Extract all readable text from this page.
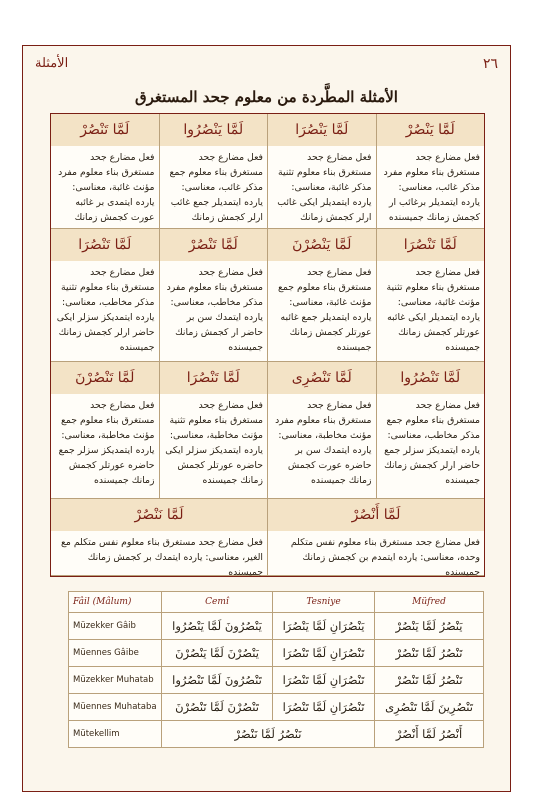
٢٦
الأمثلة
الأمثلة المطَّردة من معلوم جحد المستغرق
لَمَّا يَنْصُرْ
فعل مضارع جحد مستغرق بناء معلوم مفرد مذكر غائب، معناسى: يارده ايتمديلر برغائب ار كجمش زمانك جميسنده
لَمَّا يَنْصُرَا
فعل مضارع جحد مستغرق بناء معلوم تثنية مذكر غائبة، معناسى: يارده ايتمديلر ايكى غائب ارلر كجمش زمانك
لَمَّا يَنْصُرُوا
فعل مضارع جحد مستغرق بناء معلوم جمع مذكر غائب، معناسى: يارده ايتمديلر جمع غائب ارلر كجمش زمانك
لَمَّا تَنْصُرْ
فعل مضارع جحد مستغرق بناء معلوم مفرد مؤنث غائبة، معناسى: يارده ايتمدى بر غائبه عورت كجمش زمانك
لَمَّا تَنْصُرَا
فعل مضارع جحد مستغرق بناء معلوم تثنية مؤنث غائبة، معناسى: يارده ايتمديلر ايكى غائبه عورتلر كجمش زمانك جميسنده
لَمَّا يَنْصُرْنَ
فعل مضارع جحد مستغرق بناء معلوم جمع مؤنث غائبة، معناسى: يارده ايتمديلر جمع غائبه عورتلر كجمش زمانك جميسنده
لَمَّا تَنْصُرْ
فعل مضارع جحد مستغرق بناء معلوم مفرد مذكر مخاطب، معناسى: يارده ايتمدك سن بر حاضر ار كجمش زمانك جميسنده
لَمَّا تَنْصُرَا
فعل مضارع جحد مستغرق بناء معلوم تثنية مذكر مخاطب، معناسى: يارده ايتمديكز سزلر ايكى حاضر ارلر كجمش زمانك جميسنده
لَمَّا تَنْصُرُوا
فعل مضارع جحد مستغرق بناء معلوم جمع مذكر مخاطب، معناسى: يارده ايتمديكز سزلر جمع حاضر ارلر كجمش زمانك جميسنده
لَمَّا تَنْصُرِى
فعل مضارع جحد مستغرق بناء معلوم مفرد مؤنث مخاطبة، معناسى: يارده ايتمدك سن بر حاضره عورت كجمش زمانك جميسنده
لَمَّا تَنْصُرَا
فعل مضارع جحد مستغرق بناء معلوم تثنية مؤنث مخاطبة، معناسى: يارده ايتمديكز سزلر ايكى حاضره عورتلر كجمش زمانك جميسنده
لَمَّا تَنْصُرْنَ
فعل مضارع جحد مستغرق بناء معلوم جمع مؤنث مخاطبة، معناسى: يارده ايتمديكز سزلر جمع حاضره عورتلر كجمش زمانك جميسنده
لَمَّا أَنْصُرْ
فعل مضارع جحد مستغرق بناء معلوم نفس متكلم وحده، معناسى: يارده ايتمدم بن كجمش زمانك جميسنده
لَمَّا نَنْصُرْ
فعل مضارع جحد مستغرق بناء معلوم نفس متكلم مع الغير، معناسى: يارده ايتمدك بر كجمش زمانك جميسنده
Fâil (Mâlum)	Cemî	Tesniye	Müfred
Müzekker Gâib	يَنْصُرُونَ لَمَّا يَنْصُرُوا	يَنْصُرَانِ لَمَّا يَنْصُرَا	يَنْصُرُ لَمَّا يَنْصُرْ
Müennes Gâibe	يَنْصُرْنَ لَمَّا يَنْصُرْنَ	تَنْصُرَانِ لَمَّا تَنْصُرَا	تَنْصُرُ لَمَّا تَنْصُرْ
Müzekker Muhatab	تَنْصُرُونَ لَمَّا تَنْصُرُوا	تَنْصُرَانِ لَمَّا تَنْصُرَا	تَنْصُرُ لَمَّا تَنْصُرْ
Müennes Muhataba	تَنْصُرْنَ لَمَّا تَنْصُرْنَ	تَنْصُرَانِ لَمَّا تَنْصُرَا	تَنْصُرِينَ لَمَّا تَنْصُرِى
Mütekellim	نَنْصُرُ لَمَّا نَنْصُرْ		أَنْصُرُ لَمَّا أَنْصُرْ
